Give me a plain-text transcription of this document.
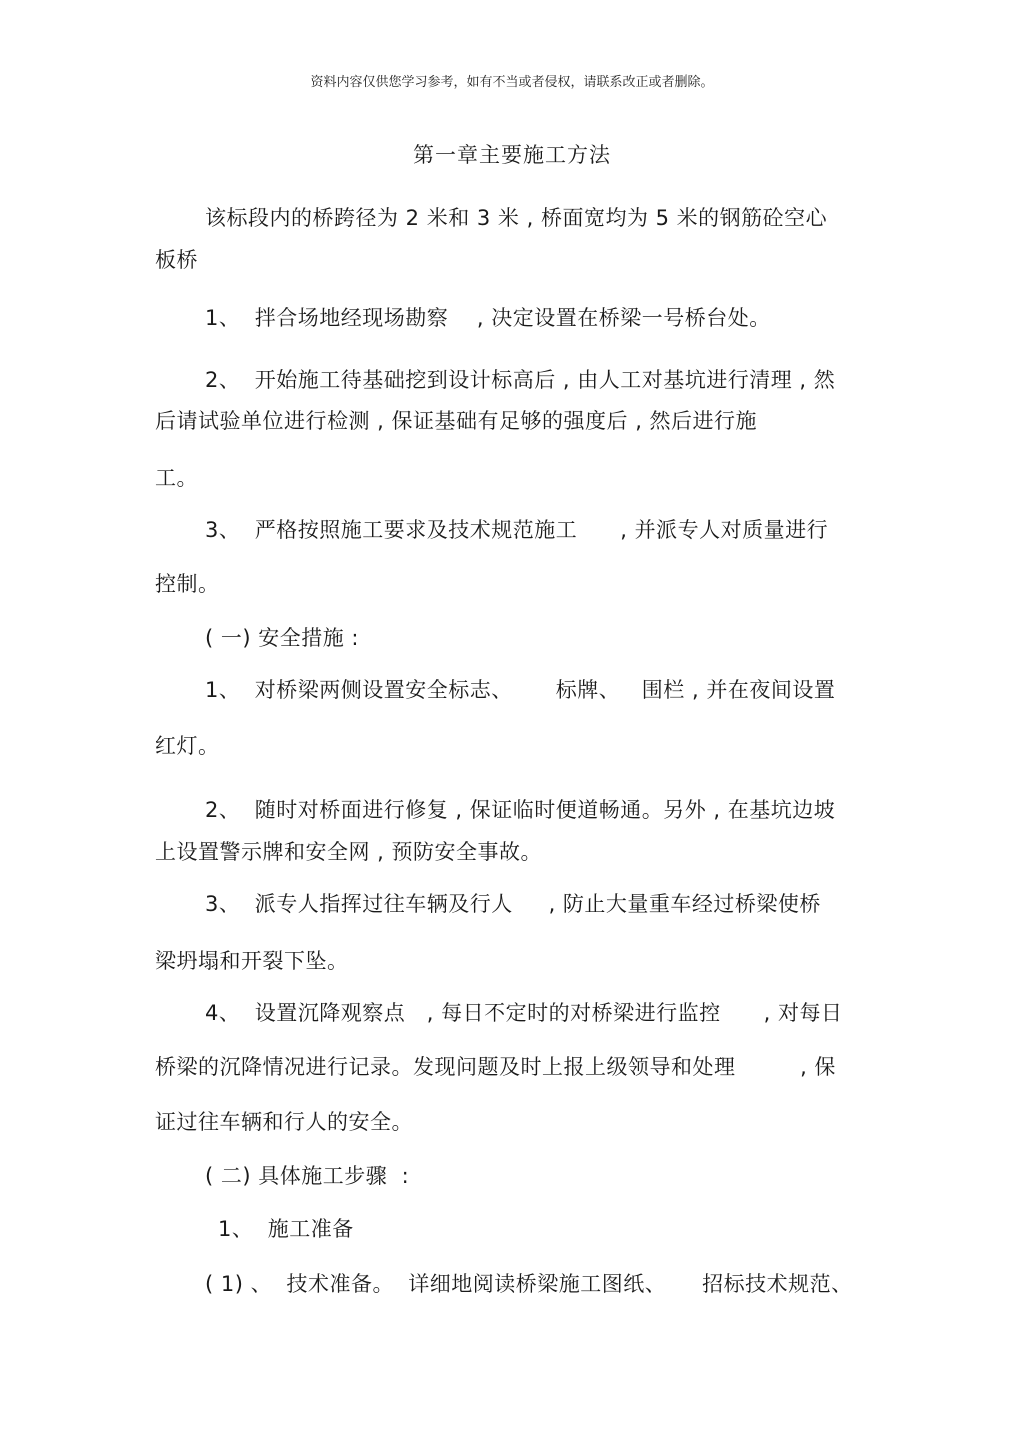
资料内容仅供您学习参考，如有不当或者侵权，请联系改正或者删除。
第一章主要施工方法
该标段内的桥跨径为 2 米和 3 米 , 桥面宽均为 5 米的钢筋砼空心
板桥
1、  拌合场地经现场勘察    , 决定设置在桥梁一号桥台处。
2、  开始施工待基础挖到设计标高后 , 由人工对基坑进行清理 , 然
后请试验单位进行检测 , 保证基础有足够的强度后 , 然后进行施
工。
3、  严格按照施工要求及技术规范施工      , 并派专人对质量进行
控制。
( 一) 安全措施 :
1、  对桥梁两侧设置安全标志、      标牌、   围栏 , 并在夜间设置
红灯。
2、  随时对桥面进行修复 , 保证临时便道畅通。另外 , 在基坑边坡
上设置警示牌和安全网 , 预防安全事故。
3、  派专人指挥过往车辆及行人     , 防止大量重车经过桥梁使桥
梁坍塌和开裂下坠。
4、  设置沉降观察点   , 每日不定时的对桥梁进行监控      , 对每日
桥梁的沉降情况进行记录。发现问题及时上报上级领导和处理         , 保
证过往车辆和行人的安全。
( 二) 具体施工步骤  :
1、  施工准备
( 1) 、  技术准备。  详细地阅读桥梁施工图纸、     招标技术规范、
